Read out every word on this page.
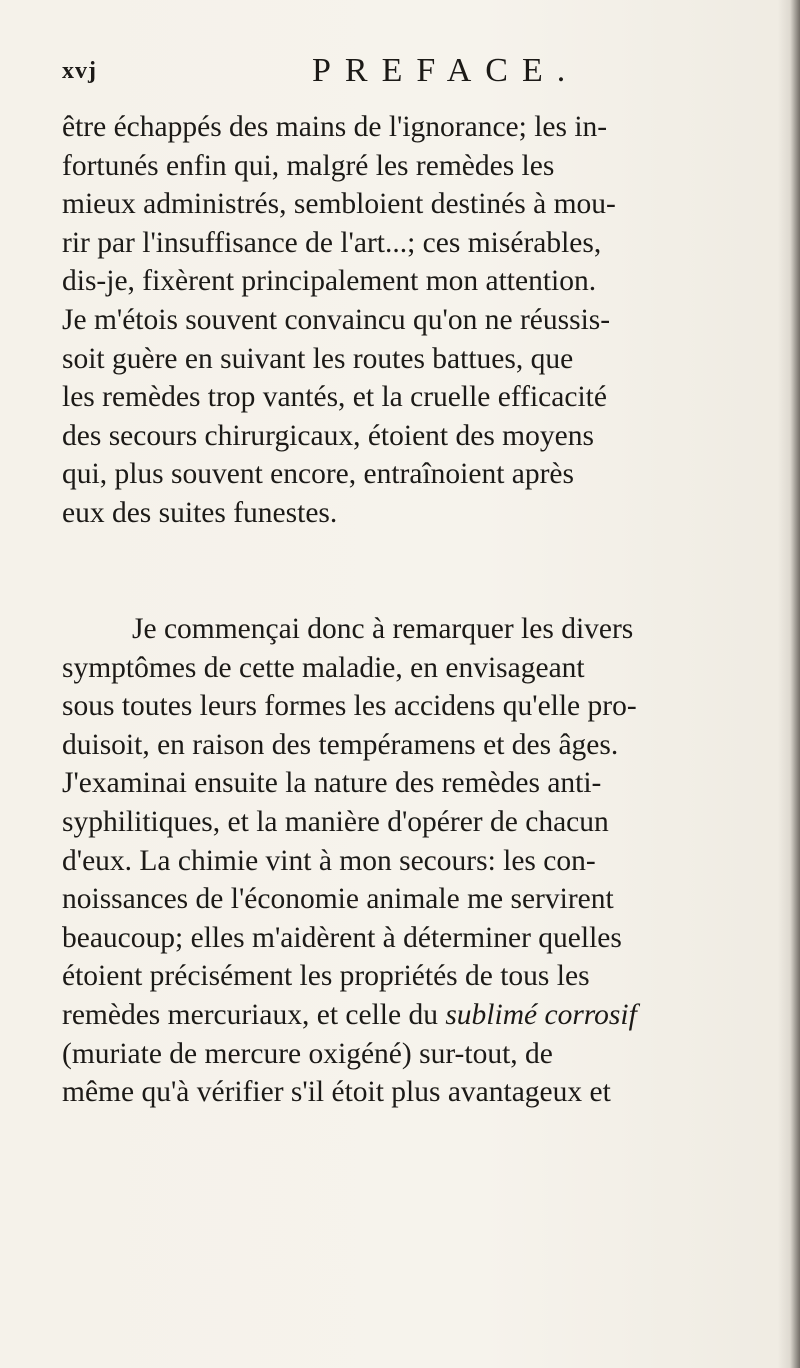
xvj	PREFACE.
être échappés des mains de l'ignorance; les in-
fortunés enfin qui, malgré les remèdes les
mieux administrés, sembloient destinés à mou-
rir par l'insuffisance de l'art...; ces misérables,
dis-je, fixèrent principalement mon attention.
Je m'étois souvent convaincu qu'on ne réussis-
soit guère en suivant les routes battues, que
les remèdes trop vantés, et la cruelle efficacité
des secours chirurgicaux, étoient des moyens
qui, plus souvent encore, entraînoient après
eux des suites funestes.
Je commençai donc à remarquer les divers
symptômes de cette maladie, en envisageant
sous toutes leurs formes les accidens qu'elle pro-
duisoit, en raison des tempéramens et des âges.
J'examinai ensuite la nature des remèdes anti-
syphilitiques, et la manière d'opérer de chacun
d'eux. La chimie vint à mon secours: les con-
noissances de l'économie animale me servirent
beaucoup; elles m'aidèrent à déterminer quelles
étoient précisément les propriétés de tous les
remèdes mercuriaux, et celle du sublimé corrosif
(muriate de mercure oxigéné) sur-tout, de
même qu'à vérifier s'il étoit plus avantageux et
